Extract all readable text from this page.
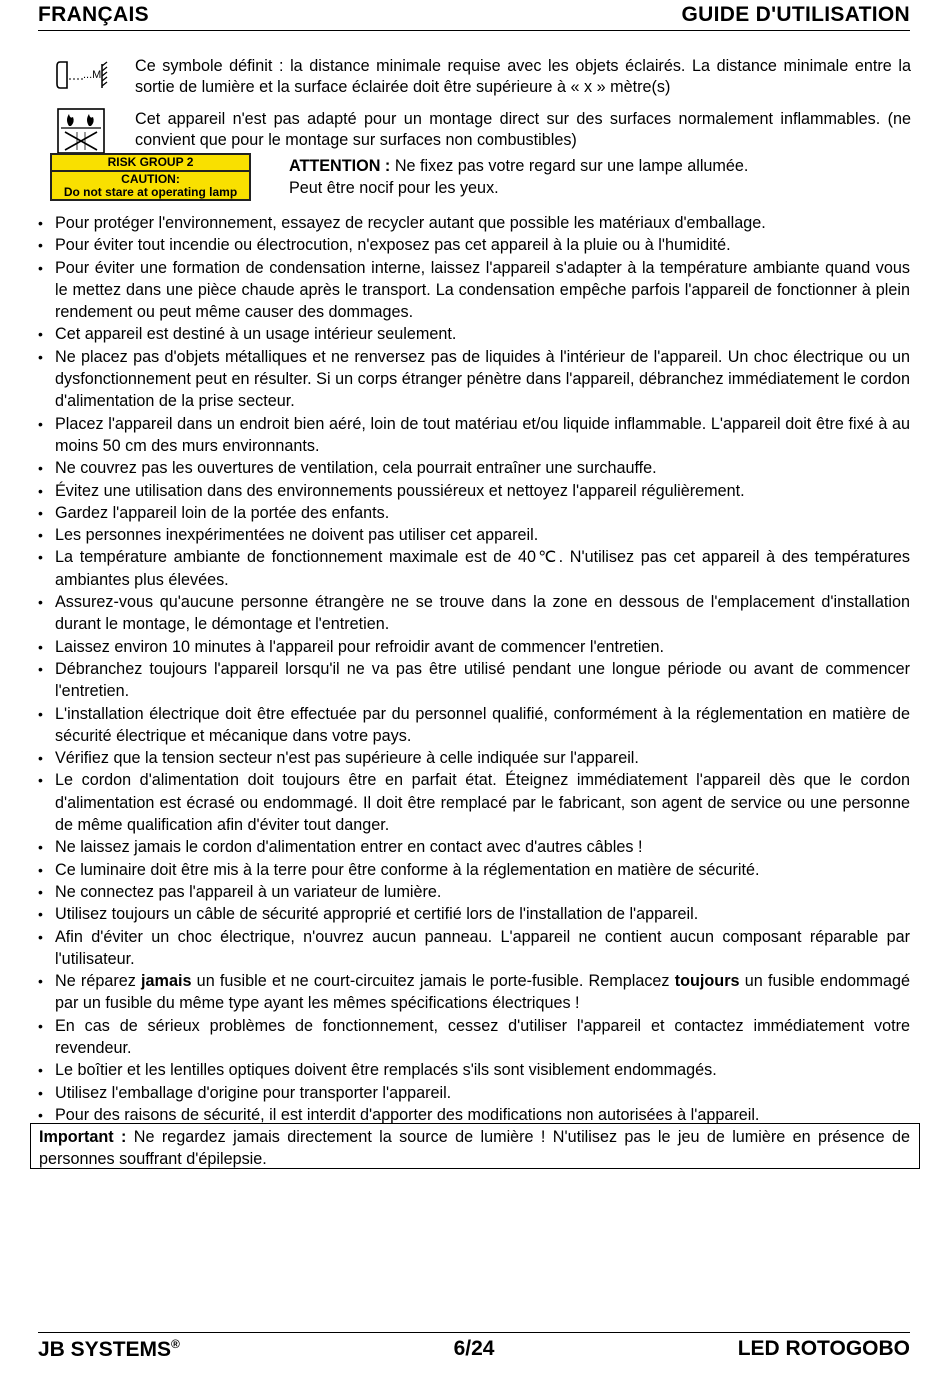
FRANÇAIS	GUIDE D'UTILISATION
...M Ce symbole définit : la distance minimale requise avec les objets éclairés. La distance minimale entre la sortie de lumière et la surface éclairée doit être supérieure à « x » mètre(s)
Cet appareil n'est pas adapté pour un montage direct sur des surfaces normalement inflammables. (ne convient que pour le montage sur surfaces non combustibles)
RISK GROUP 2
CAUTION:
Do not stare at operating lamp
ATTENTION : Ne fixez pas votre regard sur une lampe allumée.
Peut être nocif pour les yeux.
• Pour protéger l'environnement, essayez de recycler autant que possible les matériaux d'emballage.
• Pour éviter tout incendie ou électrocution, n'exposez pas cet appareil à la pluie ou à l'humidité.
• Pour éviter une formation de condensation interne, laissez l'appareil s'adapter à la température ambiante quand vous le mettez dans une pièce chaude après le transport. La condensation empêche parfois l'appareil de fonctionner à plein rendement ou peut même causer des dommages.
• Cet appareil est destiné à un usage intérieur seulement.
• Ne placez pas d'objets métalliques et ne renversez pas de liquides à l'intérieur de l'appareil. Un choc électrique ou un dysfonctionnement peut en résulter. Si un corps étranger pénètre dans l'appareil, débranchez immédiatement le cordon d'alimentation de la prise secteur.
• Placez l'appareil dans un endroit bien aéré, loin de tout matériau et/ou liquide inflammable. L'appareil doit être fixé à au moins 50 cm des murs environnants.
• Ne couvrez pas les ouvertures de ventilation, cela pourrait entraîner une surchauffe.
• Évitez une utilisation dans des environnements poussiéreux et nettoyez l'appareil régulièrement.
• Gardez l'appareil loin de la portée des enfants.
• Les personnes inexpérimentées ne doivent pas utiliser cet appareil.
• La température ambiante de fonctionnement maximale est de 40℃. N'utilisez pas cet appareil à des températures ambiantes plus élevées.
• Assurez-vous qu'aucune personne étrangère ne se trouve dans la zone en dessous de l'emplacement d'installation durant le montage, le démontage et l'entretien.
• Laissez environ 10 minutes à l'appareil pour refroidir avant de commencer l'entretien.
• Débranchez toujours l'appareil lorsqu'il ne va pas être utilisé pendant une longue période ou avant de commencer l'entretien.
• L'installation électrique doit être effectuée par du personnel qualifié, conformément à la réglementation en matière de sécurité électrique et mécanique dans votre pays.
• Vérifiez que la tension secteur n'est pas supérieure à celle indiquée sur l'appareil.
• Le cordon d'alimentation doit toujours être en parfait état. Éteignez immédiatement l'appareil dès que le cordon d'alimentation est écrasé ou endommagé. Il doit être remplacé par le fabricant, son agent de service ou une personne de même qualification afin d'éviter tout danger.
• Ne laissez jamais le cordon d'alimentation entrer en contact avec d'autres câbles !
• Ce luminaire doit être mis à la terre pour être conforme à la réglementation en matière de sécurité.
• Ne connectez pas l'appareil à un variateur de lumière.
• Utilisez toujours un câble de sécurité approprié et certifié lors de l'installation de l'appareil.
• Afin d'éviter un choc électrique, n'ouvrez aucun panneau. L'appareil ne contient aucun composant réparable par l'utilisateur.
• Ne réparez jamais un fusible et ne court-circuitez jamais le porte-fusible. Remplacez toujours un fusible endommagé par un fusible du même type ayant les mêmes spécifications électriques !
• En cas de sérieux problèmes de fonctionnement, cessez d'utiliser l'appareil et contactez immédiatement votre revendeur.
• Le boîtier et les lentilles optiques doivent être remplacés s'ils sont visiblement endommagés.
• Utilisez l'emballage d'origine pour transporter l'appareil.
• Pour des raisons de sécurité, il est interdit d'apporter des modifications non autorisées à l'appareil.
Important : Ne regardez jamais directement la source de lumière ! N'utilisez pas le jeu de lumière en présence de personnes souffrant d'épilepsie.
JB SYSTEMS®	6/24	LED ROTOGOBO
